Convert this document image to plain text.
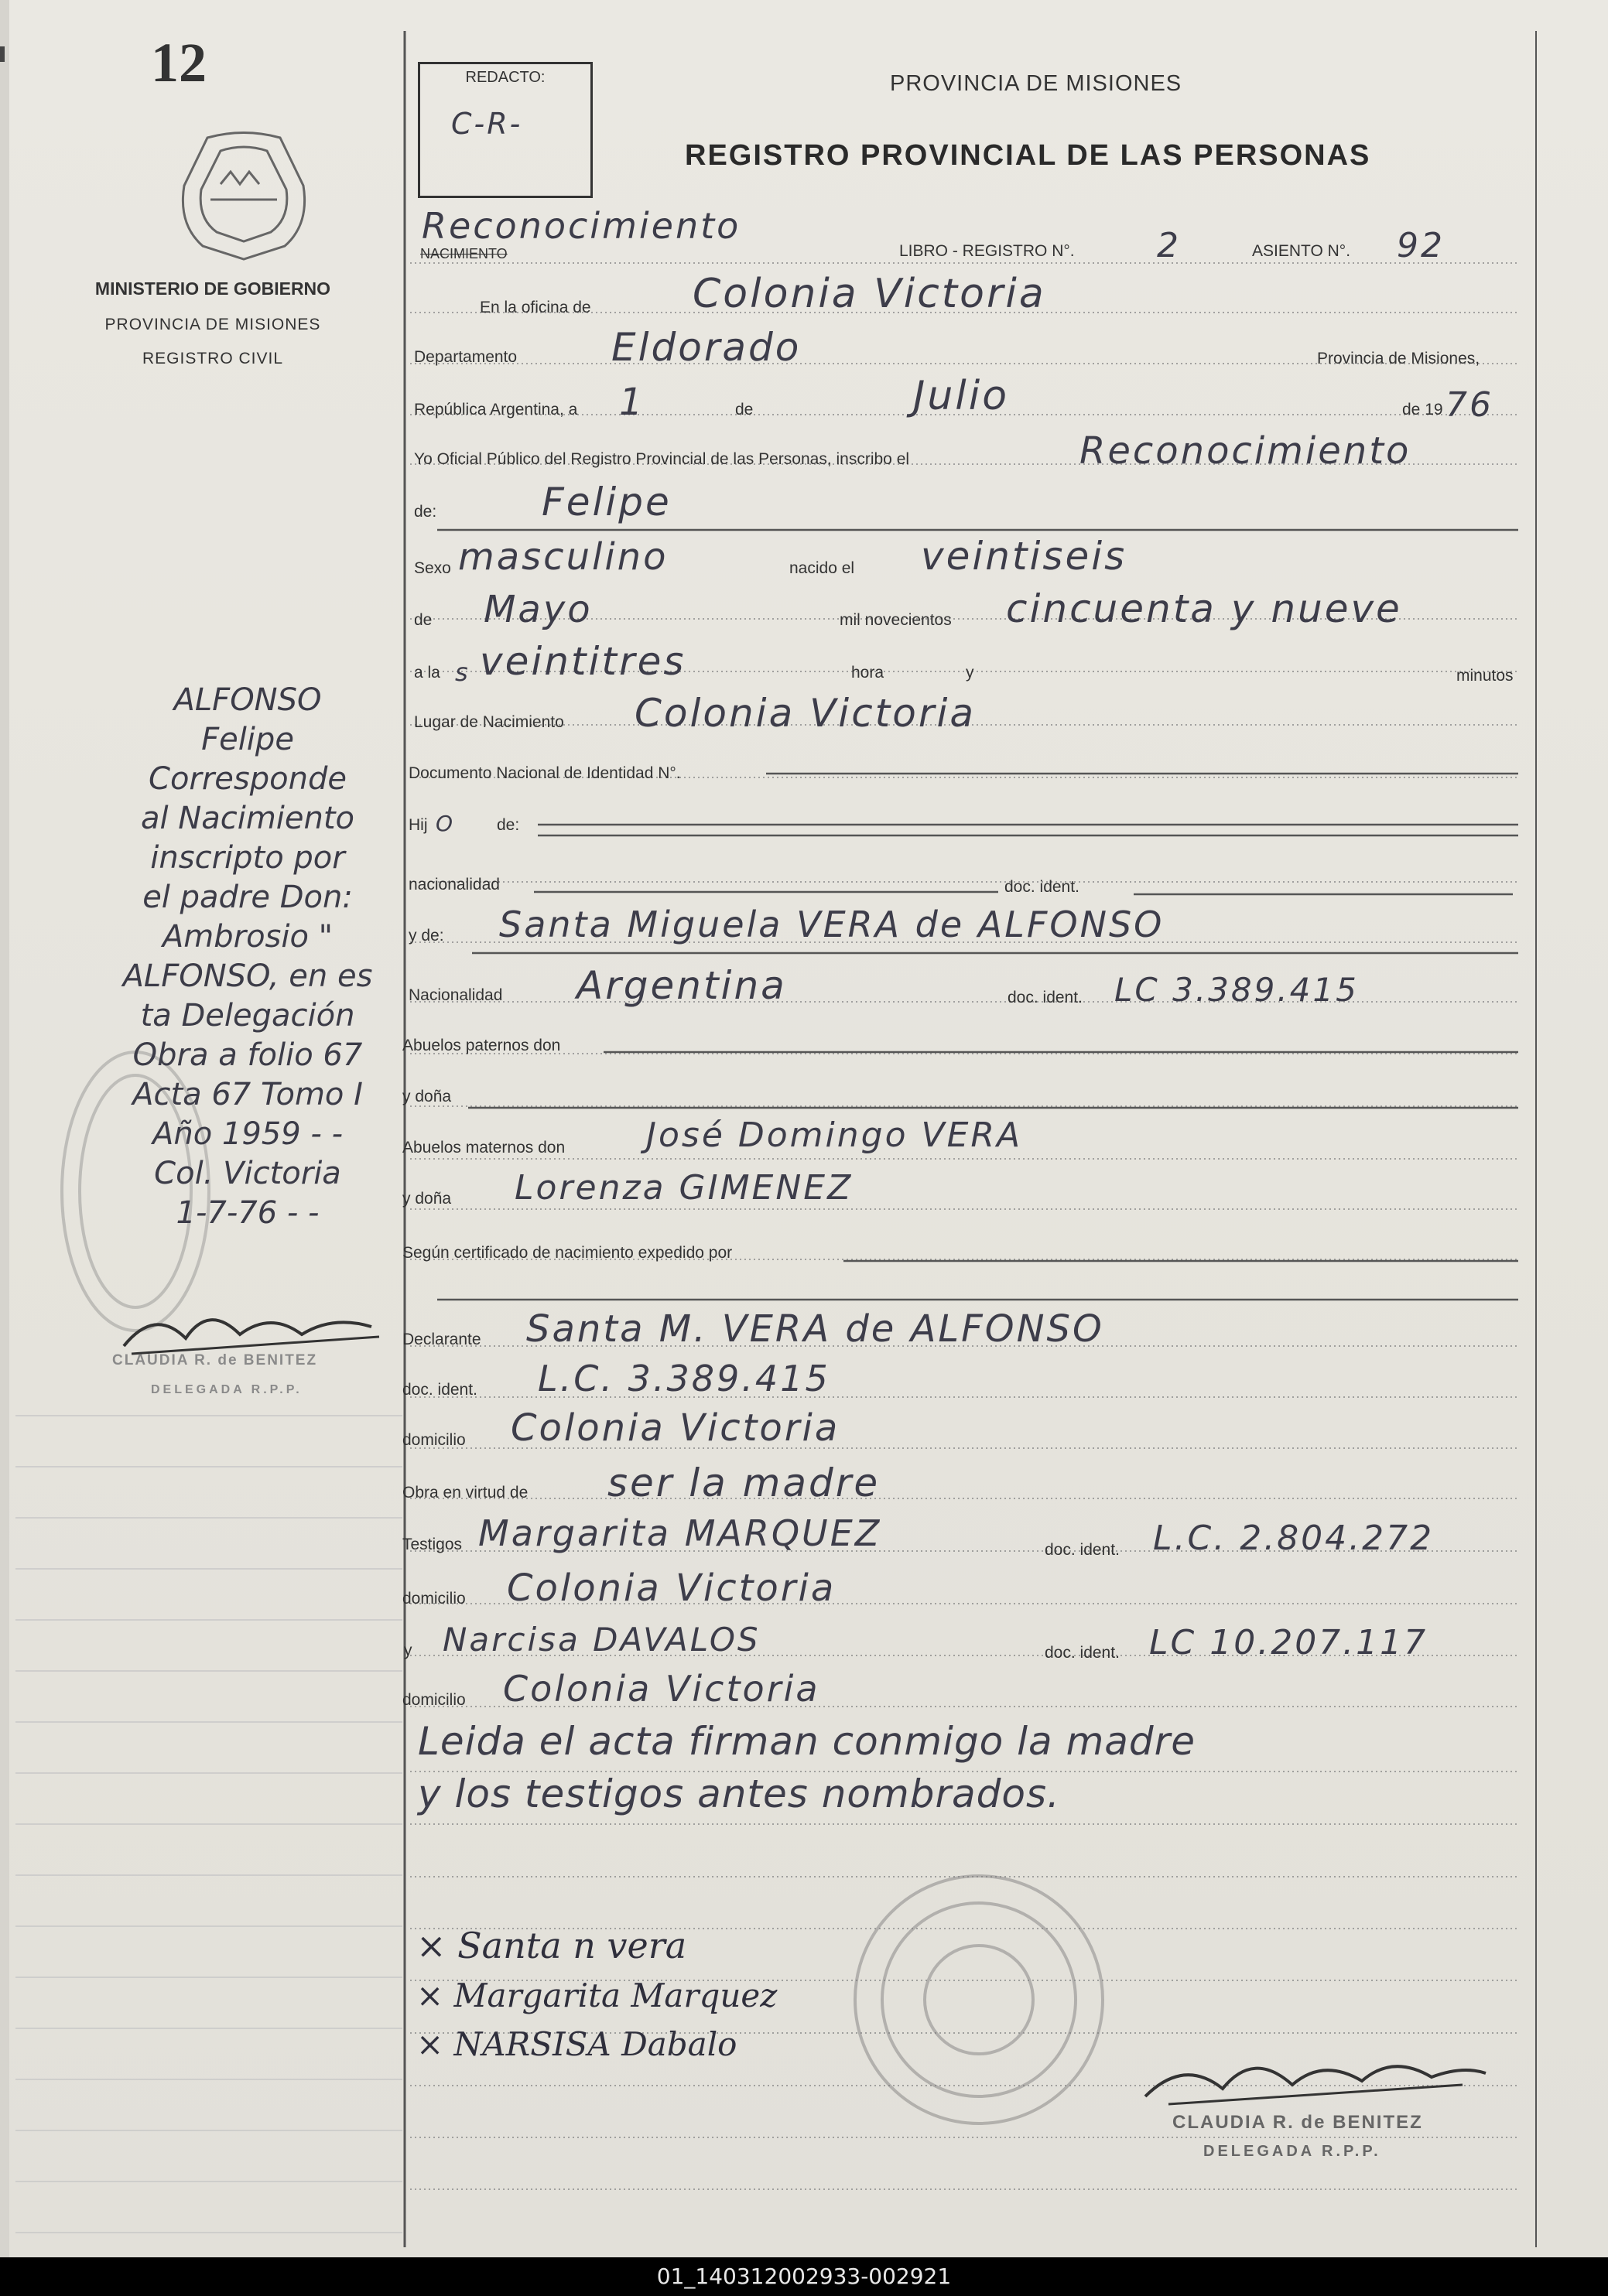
12	REDACTO:
C-R-
PROVINCIA DE MISIONES
REGISTRO PROVINCIAL DE LAS PERSONAS
MINISTERIO DE GOBIERNO
PROVINCIA DE MISIONES
REGISTRO CIVIL
Reconocimiento
NACIMIENTO	LIBRO - REGISTRO N°. 2	ASIENTO N°. 92
En la oficina de	Colonia Victoria
Departamento Eldorado	Provincia de Misiones,
República Argentina, a 1	de	Julio	de 19 76
Yo Oficial Público del Registro Provincial de las Personas, inscribo el	Reconocimiento
de:	Felipe
Sexo masculino	nacido el veintiseis
de Mayo	mil novecientos cincuenta y nueve
a la s veintitres	hora	y	minutos
Lugar de Nacimiento Colonia Victoria
Documento Nacional de Identidad N°.
Hij O	de:
nacionalidad	doc. ident.
y de: Santa Miguela VERA de ALFONSO
Nacionalidad Argentina	doc. ident. LC 3.389.415
Abuelos paternos don
y doña
Abuelos maternos don José Domingo VERA
y doña Lorenza GIMENEZ
Según certificado de nacimiento expedido por
Declarante Santa M. VERA de ALFONSO
doc. ident. L.C. 3.389.415
domicilio Colonia Victoria
Obra en virtud de ser la madre
Testigos Margarita MARQUEZ	doc. ident. L.C. 2.804.272
domicilio Colonia Victoria
y Narcisa DAVALOS	doc. ident. LC 10.207.117
domicilio Colonia Victoria
Leida el acta firman conmigo la madre
y los testigos antes nombrados.
× Santa n vera
× Margarita Marquez
× NARSISA Dabalo
CLAUDIA R. de BENITEZ
DELEGADA R.P.P.
ALFONSO
Felipe
Corresponde
al Nacimiento
inscripto por
el padre Don:
Ambrosio "
ALFONSO, en es
ta Delegación
Obra a folio 67
Acta 67 Tomo I
Año 1959 - -
Col. Victoria
1-7-76 - -
CLAUDIA R. de BENITEZ
DELEGADA R.P.P.
01_140312002933-002921
